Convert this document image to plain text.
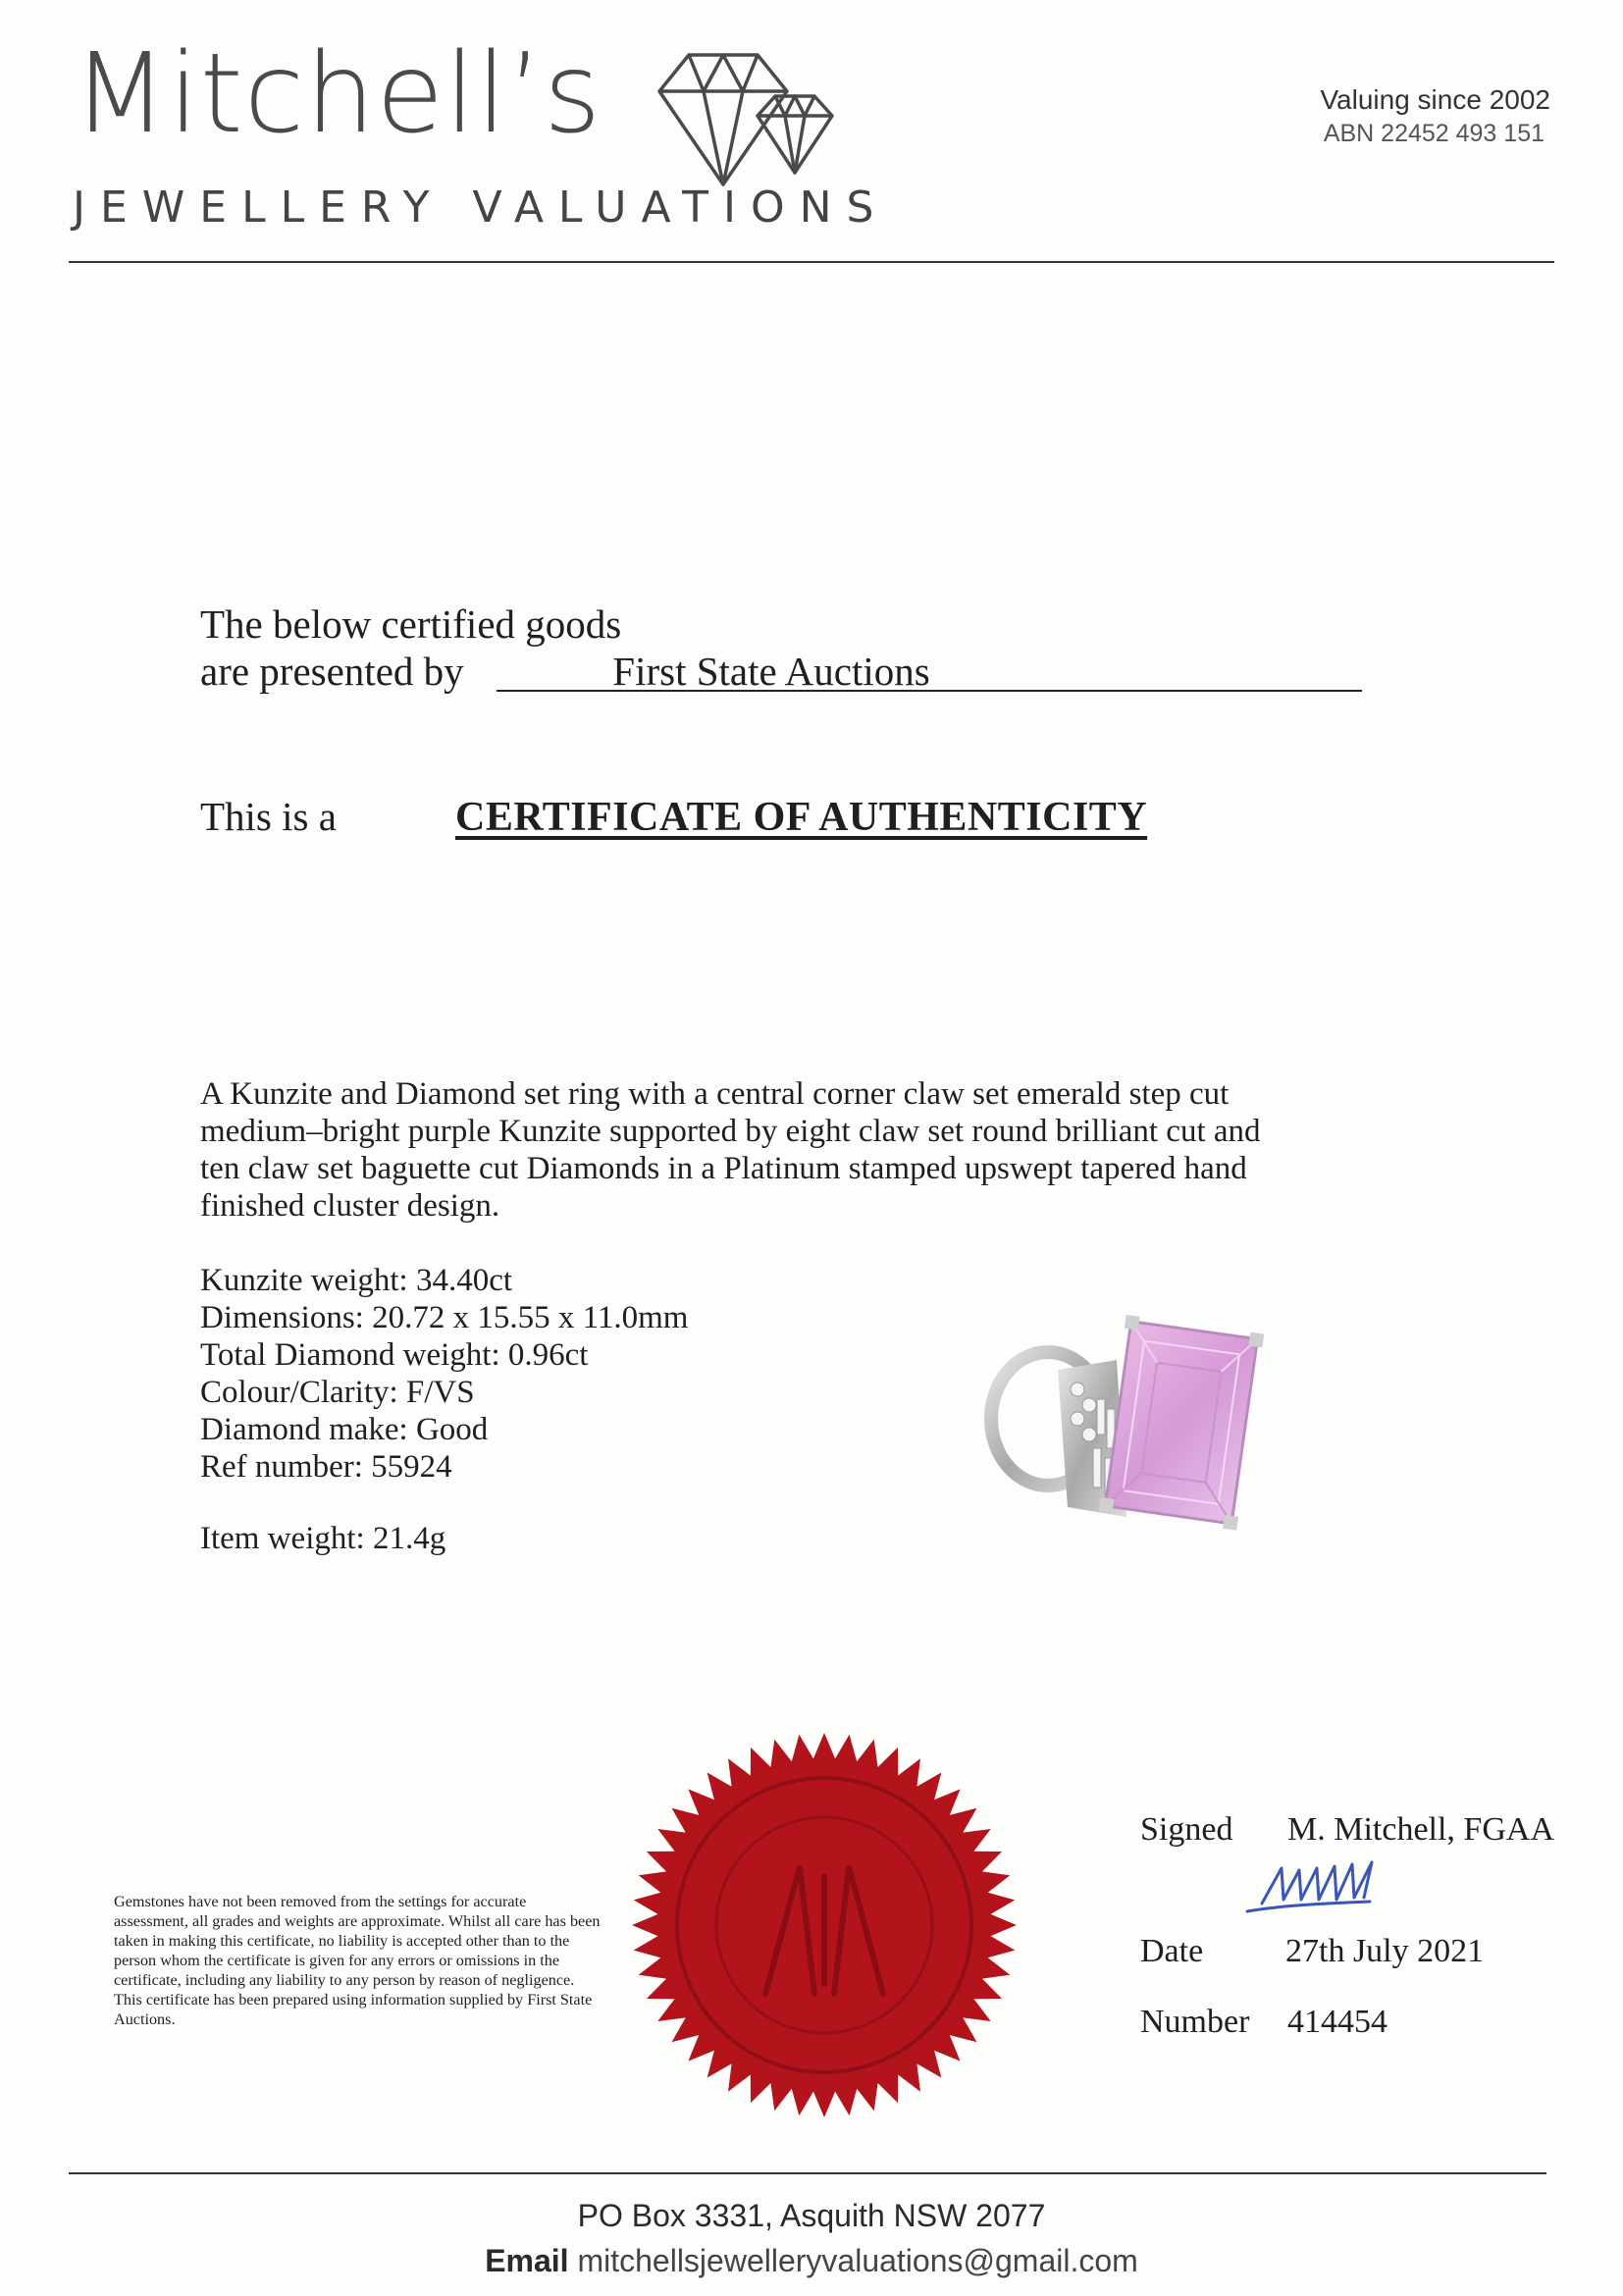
Mitchell’s
JEWELLERY VALUATIONS
Valuing since 2002
ABN 22452 493 151
The below certified goods
are presented by	First State Auctions
This is a	CERTIFICATE OF AUTHENTICITY
A Kunzite and Diamond set ring with a central corner claw set emerald step cut medium–bright purple Kunzite supported by eight claw set round brilliant cut and ten claw set baguette cut Diamonds in a Platinum stamped upswept tapered hand finished cluster design.
Kunzite weight: 34.40ct
Dimensions: 20.72 x 15.55 x 11.0mm
Total Diamond weight: 0.96ct
Colour/Clarity: F/VS
Diamond make: Good
Ref number: 55924
Item weight: 21.4g
Gemstones have not been removed from the settings for accurate assessment, all grades and weights are approximate. Whilst all care has been taken in making this certificate, no liability is accepted other than to the person whom the certificate is given for any errors or omissions in the certificate, including any liability to any person by reason of negligence. This certificate has been prepared using information supplied by First State Auctions.
Signed M. Mitchell, FGAA
Date 27th July 2021
Number 414454
PO Box 3331, Asquith NSW 2077
Email mitchellsjewelleryvaluations@gmail.com
